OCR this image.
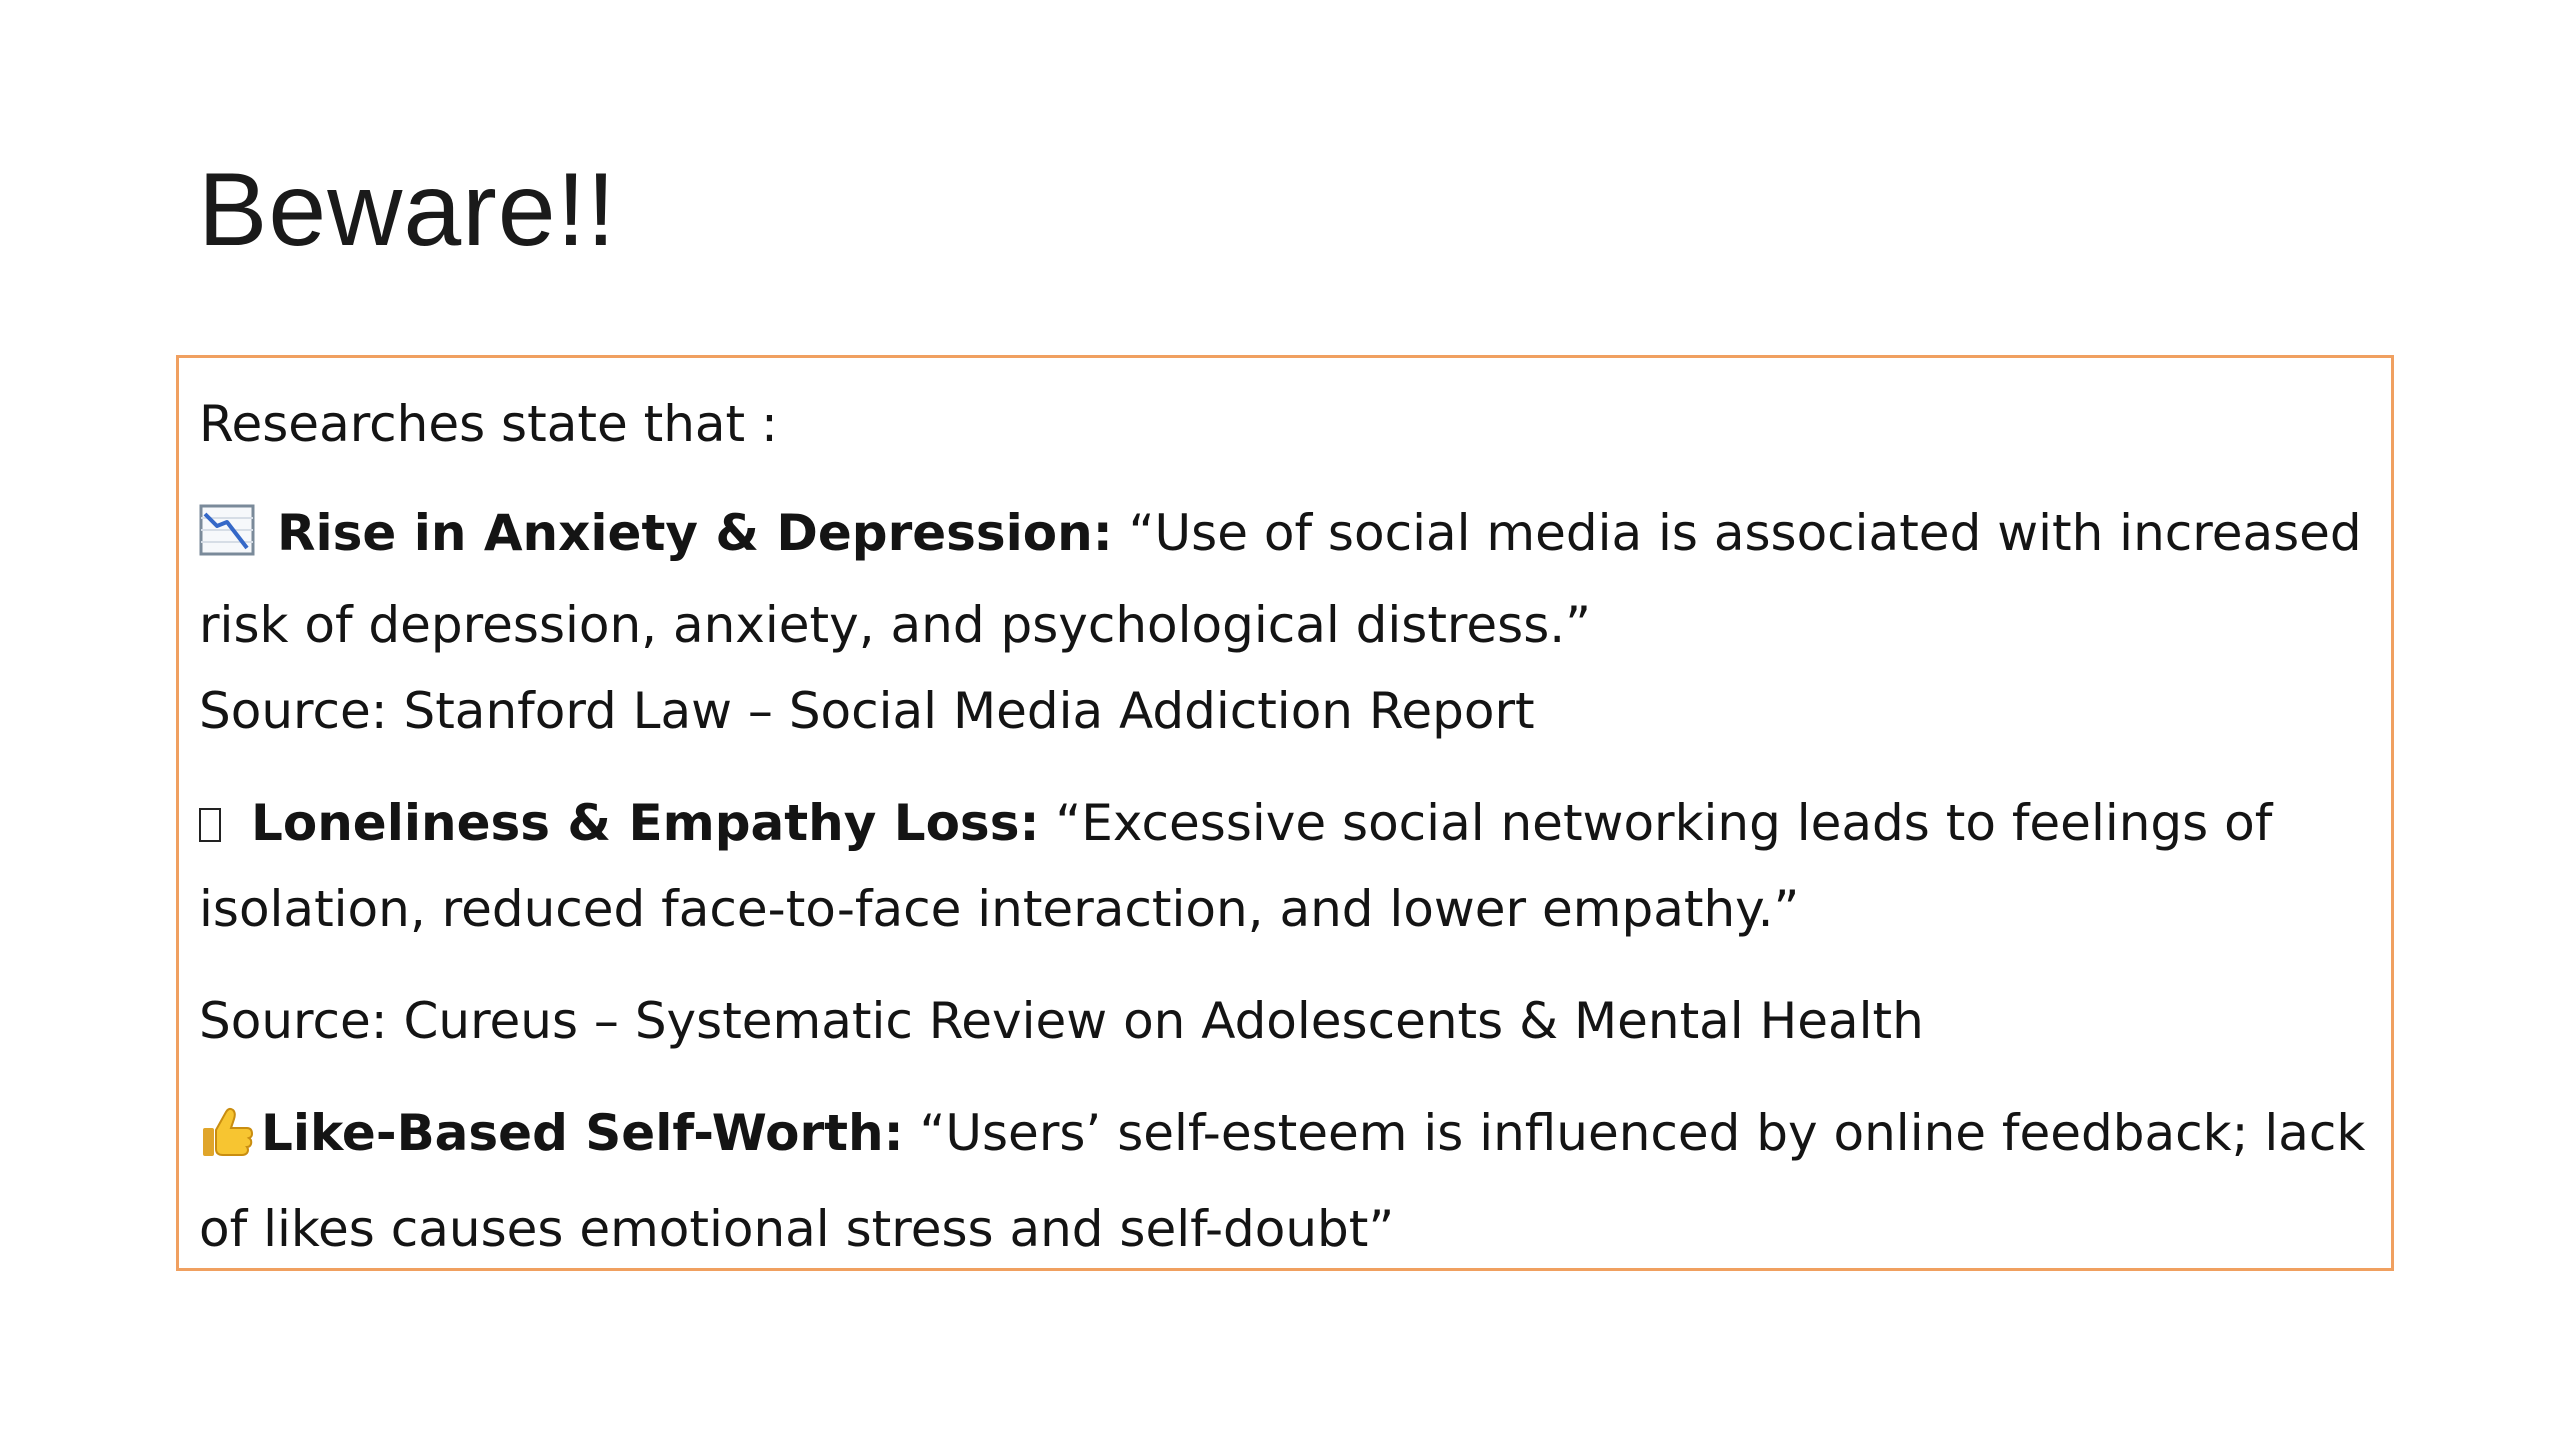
Beware!!

Researches state that :

Rise in Anxiety & Depression: “Use of social media is associated with increased risk of depression, anxiety, and psychological distress.”

Source: Stanford Law – Social Media Addiction Report

Loneliness & Empathy Loss: “Excessive social networking leads to feelings of isolation, reduced face-to-face interaction, and lower empathy.”

Source: Cureus – Systematic Review on Adolescents & Mental Health

Like-Based Self-Worth: “Users’ self-esteem is influenced by online feedback; lack of likes causes emotional stress and self-doubt”
